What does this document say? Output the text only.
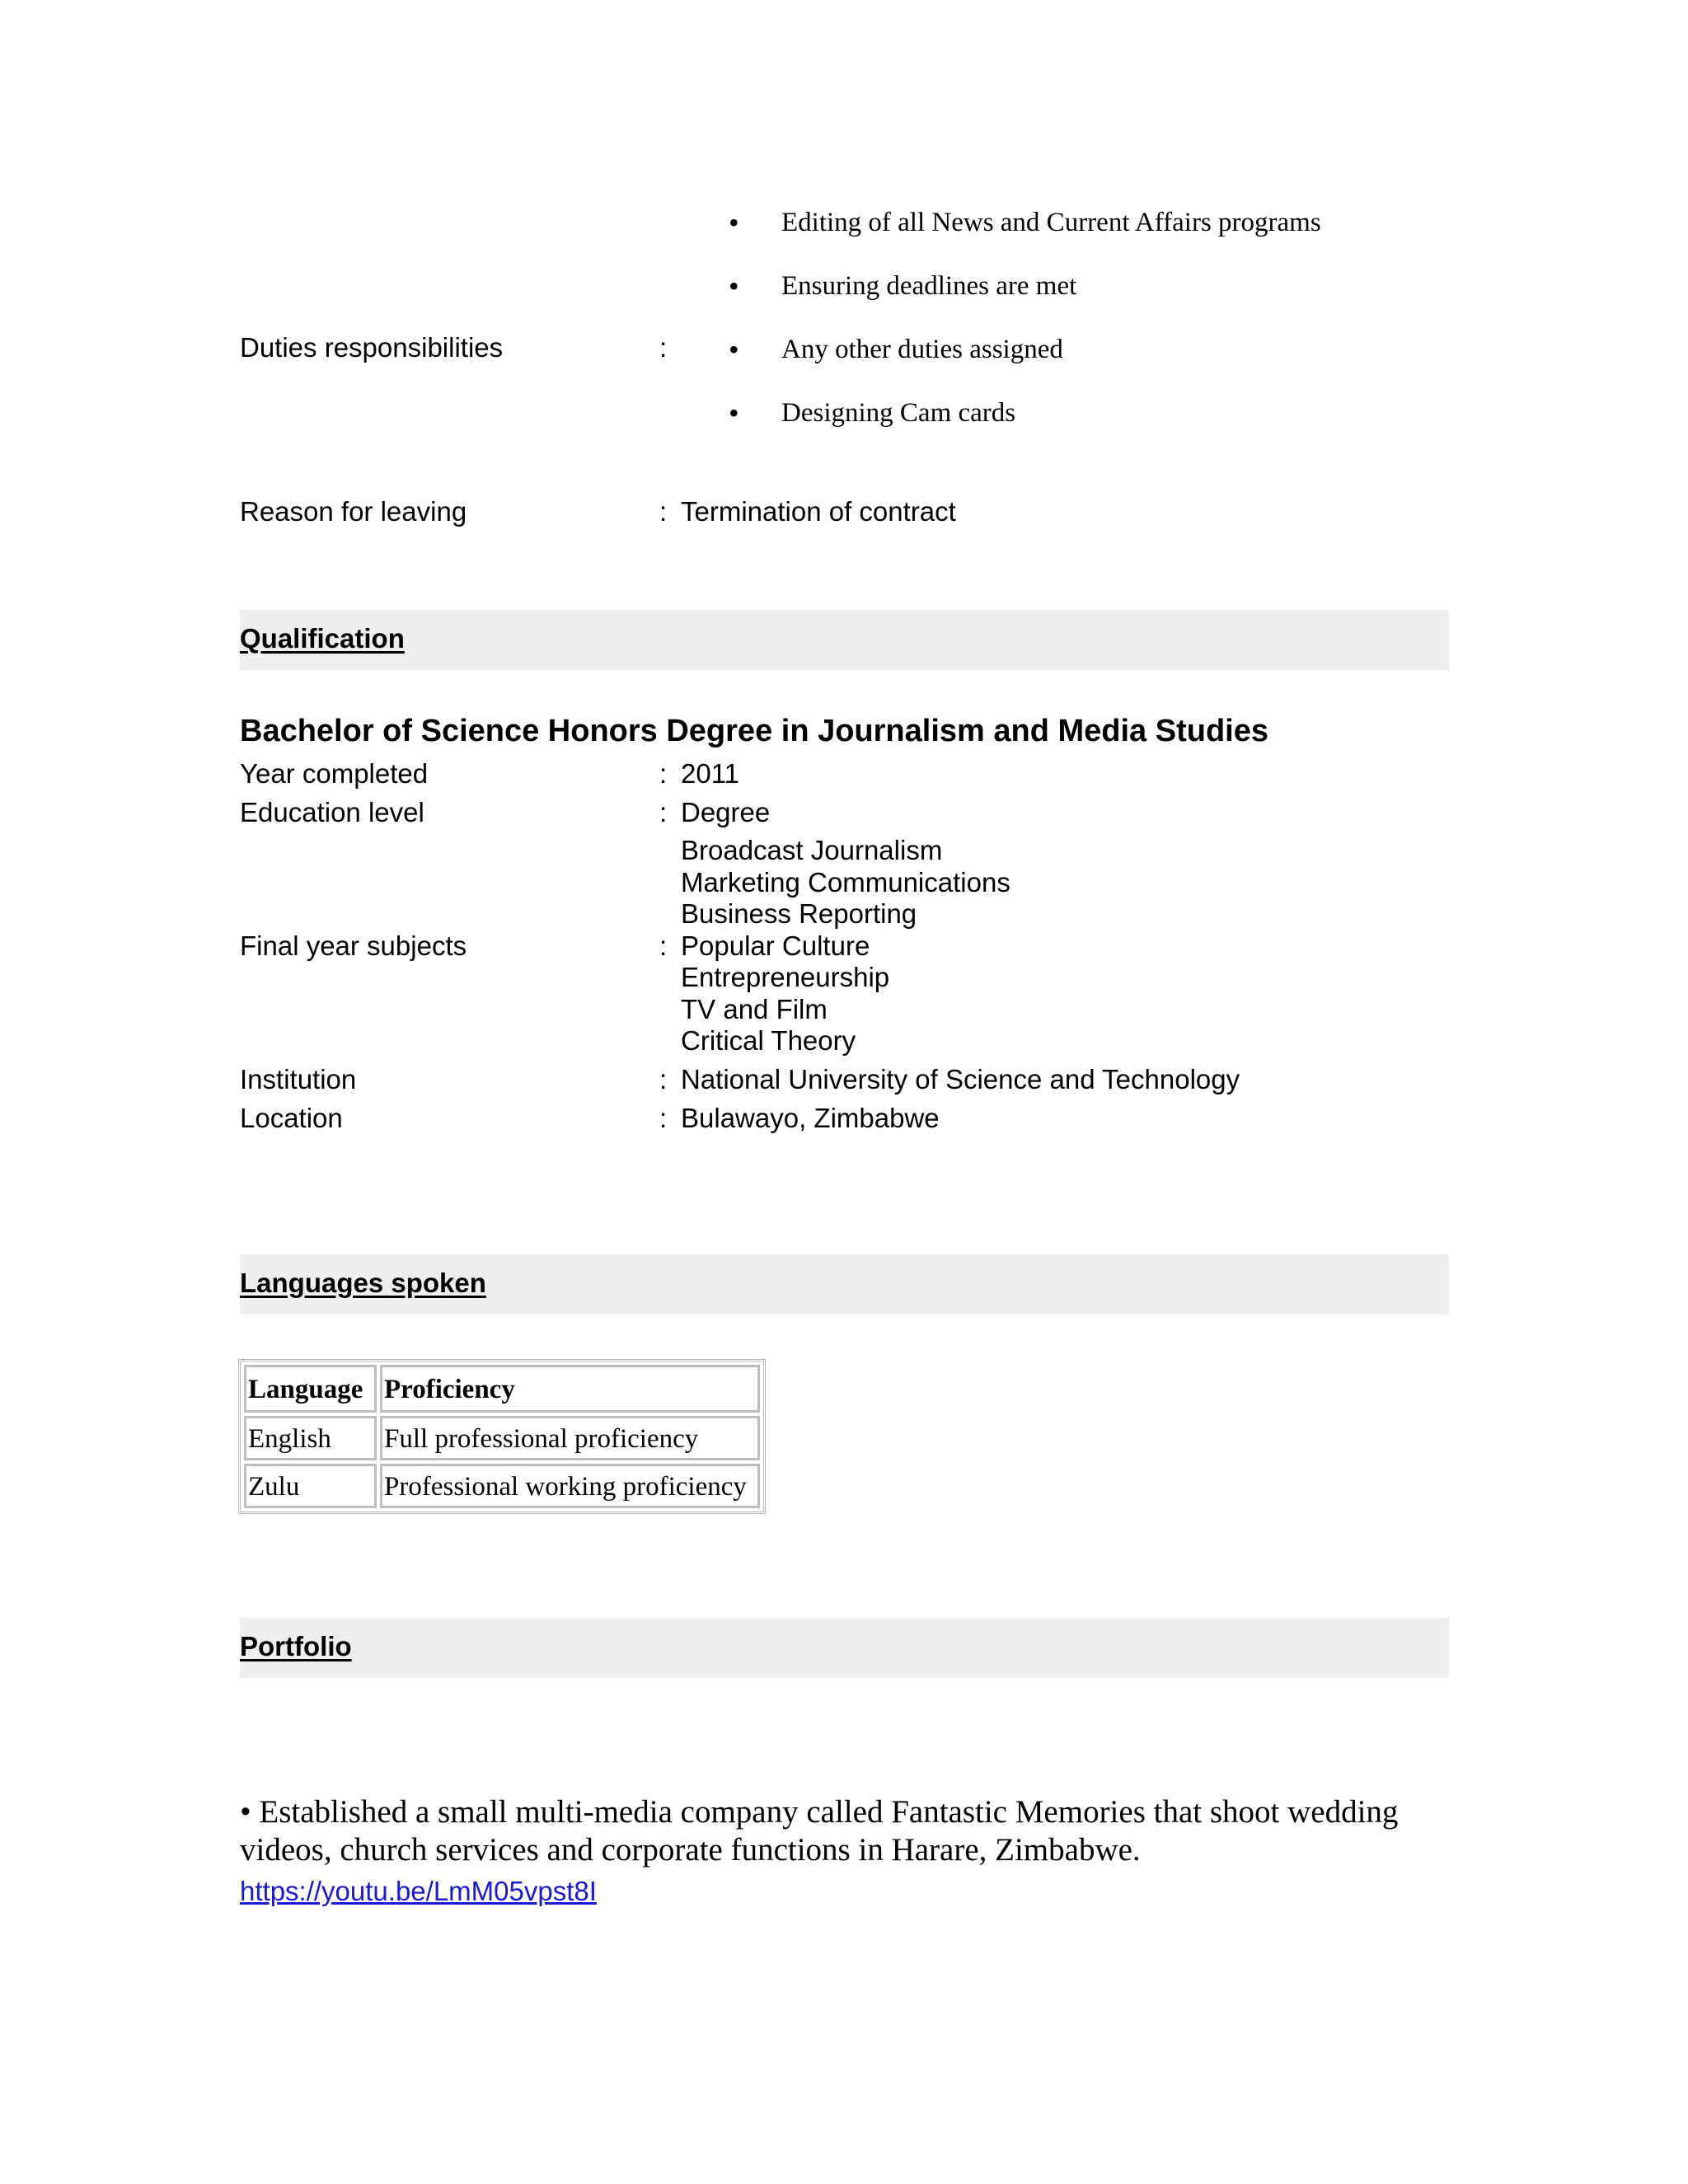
Duties responsibilities	:
• Editing of all News and Current Affairs programs
• Ensuring deadlines are met
• Any other duties assigned
• Designing Cam cards
Reason for leaving	: Termination of contract
Qualification
Bachelor of Science Honors Degree in Journalism and Media Studies
Year completed	: 2011
Education level	: Degree
Final year subjects	:
Broadcast Journalism
Marketing Communications
Business Reporting
Popular Culture
Entrepreneurship
TV and Film
Critical Theory
Institution	: National University of Science and Technology
Location	: Bulawayo, Zimbabwe
Languages spoken
Language	Proficiency
English	Full professional proficiency
Zulu	Professional working proficiency
Portfolio
• Established a small multi-media company called Fantastic Memories that shoot wedding videos, church services and corporate functions in Harare, Zimbabwe.
https://youtu.be/LmM05vpst8I
